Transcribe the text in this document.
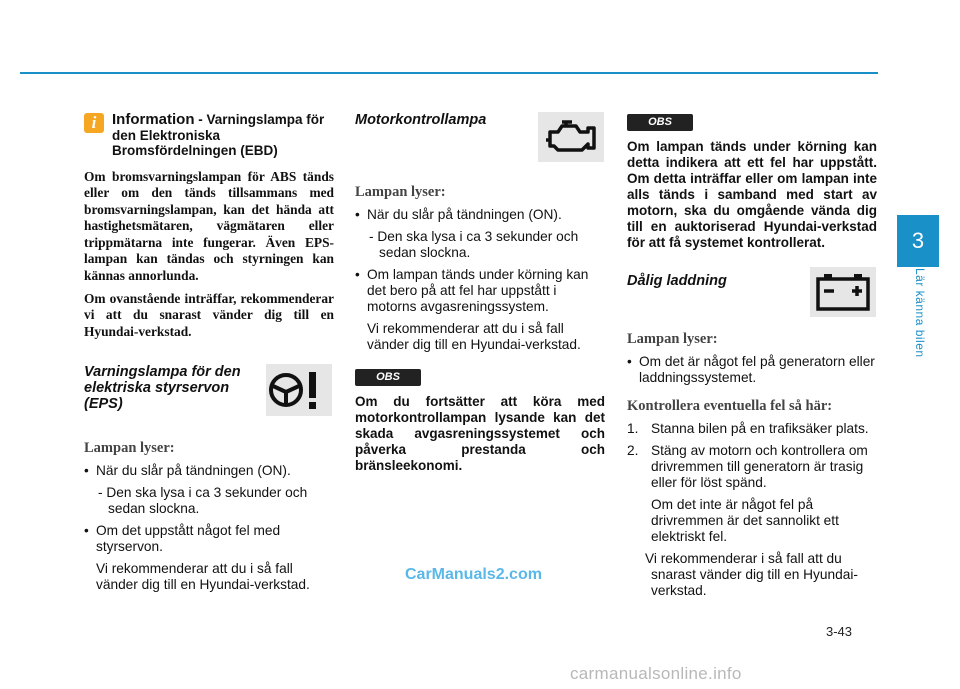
i	Information - Varningslampa för den Elektroniska Bromsfördelningen (EBD)

Om bromsvarningslampan för ABS tänds eller om den tänds tillsammans med bromsvarningslampan, kan det hända att hastighetsmätaren, vägmätaren eller trippmätarna inte fungerar. Även EPS-lampan kan tändas och styrningen kan kännas annorlunda.

Om ovanstående inträffar, rekommenderar vi att du snarast vänder dig till en Hyundai-verkstad.

Varningslampa för den elektriska styrservon (EPS)
Lampan lyser:
• När du slår på tändningen (ON).
- Den ska lysa i ca 3 sekunder och sedan slockna.
• Om det uppstått något fel med styrservon.
Vi rekommenderar att du i så fall vänder dig till en Hyundai-verkstad.
Motorkontrollampa
Lampan lyser:
• När du slår på tändningen (ON).
- Den ska lysa i ca 3 sekunder och sedan slockna.
• Om lampan tänds under körning kan det bero på att fel har uppstått i motorns avgasreningssystem.
Vi rekommenderar att du i så fall vänder dig till en Hyundai-verkstad.
OBS
Om du fortsätter att köra med motorkontrollampan lysande kan det skada avgasreningssystemet och påverka prestanda och bränsleekonomi.
OBS
Om lampan tänds under körning kan detta indikera att ett fel har uppstått. Om detta inträffar eller om lampan inte alls tänds i samband med start av motorn, ska du omgående vända dig till en auktoriserad Hyundai-verkstad för att få systemet kontrollerat.
Dålig laddning
Lampan lyser:
• Om det är något fel på generatorn eller laddningssystemet.
Kontrollera eventuella fel så här:
1. Stanna bilen på en trafiksäker plats.
2. Stäng av motorn och kontrollera om drivremmen till generatorn är trasig eller för löst spänd.
Om det inte är något fel på drivremmen är det sannolikt ett elektriskt fel.
Vi rekommenderar i så fall att du snarast vänder dig till en Hyundai-verkstad.
3
Lär känna bilen
3-43
CarManuals2.com
carmanualsonline.info
